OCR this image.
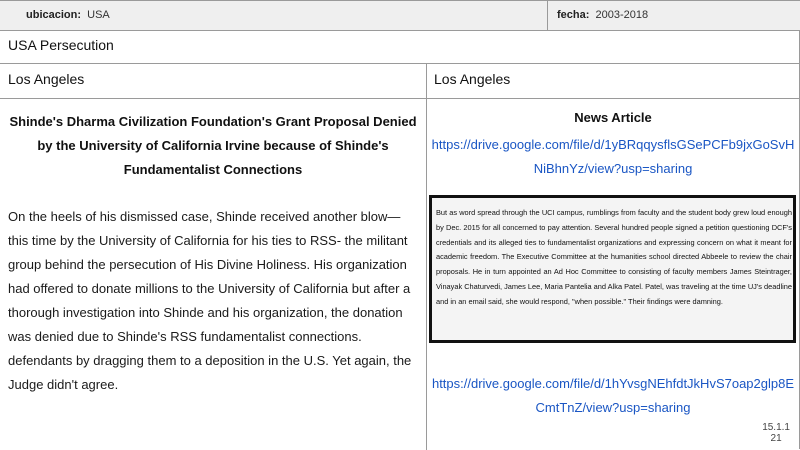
ubicacion: USA	fecha: 2003-2018
USA Persecution
Los Angeles	Los Angeles
Shinde's Dharma Civilization Foundation's Grant Proposal Denied by the University of California Irvine because of Shinde's Fundamentalist Connections
On the heels of his dismissed case, Shinde received another blow—this time by the University of California for his ties to RSS- the militant group behind the persecution of His Divine Holiness. His organization had offered to donate millions to the University of California but after a thorough investigation into Shinde and his organization, the donation was denied due to Shinde's RSS fundamentalist connections. defendants by dragging them to a deposition in the U.S. Yet again, the Judge didn't agree.
News Article
https://drive.google.com/file/d/1yBRqqysflsGSePCFb9jxGoSvHNiBhnYz/view?usp=sharing

But as word spread through the UCI campus, rumblings from faculty and the student body grew loud enough by Dec. 2015 for all concerned to pay attention. Several hundred people signed a petition questioning DCF's credentials and its alleged ties to fundamentalist organizations and expressing concern on what it meant for academic freedom. The Executive Committee at the humanities school directed Abbeele to review the chair proposals. He in turn appointed an Ad Hoc Committee to consisting of faculty members James Steintrager, Vinayak Chaturvedi, James Lee, Maria Pantelia and Alka Patel. Patel, was traveling at the time UJ's deadline and in an email said, she would respond, "when possible." Their findings were damning.

https://drive.google.com/file/d/1hYvsgNEhfdtJkHvS7oap2glp8ECmtTnZ/view?usp=sharing
15.1.1
21
